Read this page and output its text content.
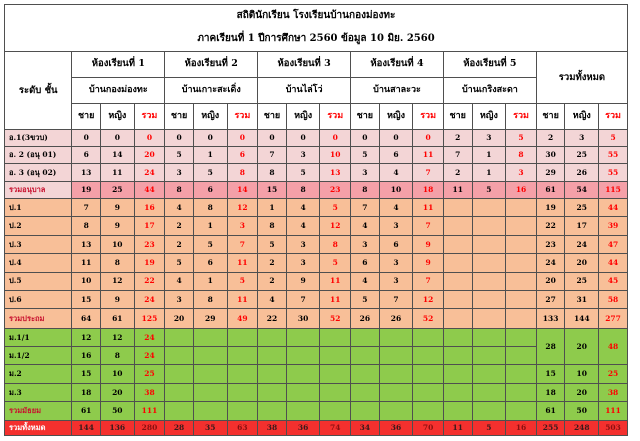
สถิตินักเรียน โรงเรียนบ้านกองม่องทะ																		
ภาคเรียนที่ 1 ปีการศึกษา 2560 ข้อมูล 10 มิย. 2560																		
ระดับ ชั้น	ห้องเรียนที่ 1			ห้องเรียนที่ 2			ห้องเรียนที่ 3			ห้องเรียนที่ 4			ห้องเรียนที่ 5			รวมทั้งหมด		
	บ้านกองม่องทะ			บ้านเกาะสะเดิ่ง			บ้านไล่โว่			บ้านสาละวะ			บ้านเกริงสะดา					
	ชาย	หญิง	รวม	ชาย	หญิง	รวม	ชาย	หญิง	รวม	ชาย	หญิง	รวม	ชาย	หญิง	รวม	ชาย	หญิง	รวม
อ.1(3ขวบ)	0	0	0	0	0	0	0	0	0	0	0	0	2	3	5	2	3	5
อ. 2 (อนุ 01)	6	14	20	5	1	6	7	3	10	5	6	11	7	1	8	30	25	55
อ. 3 (อนุ 02)	13	11	24	3	5	8	8	5	13	3	4	7	2	1	3	29	26	55
รวมอนุบาล	19	25	44	8	6	14	15	8	23	8	10	18	11	5	16	61	54	115
ป.1	7	9	16	4	8	12	1	4	5	7	4	11				19	25	44
ป.2	8	9	17	2	1	3	8	4	12	4	3	7				22	17	39
ป.3	13	10	23	2	5	7	5	3	8	3	6	9				23	24	47
ป.4	11	8	19	5	6	11	2	3	5	6	3	9				24	20	44
ป.5	10	12	22	4	1	5	2	9	11	4	3	7				20	25	45
ป.6	15	9	24	3	8	11	4	7	11	5	7	12				27	31	58
รวมประถม	64	61	125	20	29	49	22	30	52	26	26	52				133	144	277
ม.1/1	12	12	24													28	20	48
ม.1/2	16	8	24															
ม.2	15	10	25													15	10	25
ม.3	18	20	38													18	20	38
รวมมัธยม	61	50	111													61	50	111
รวมทั้งหมด	144	136	280	28	35	63	38	36	74	34	36	70	11	5	16	255	248	503
